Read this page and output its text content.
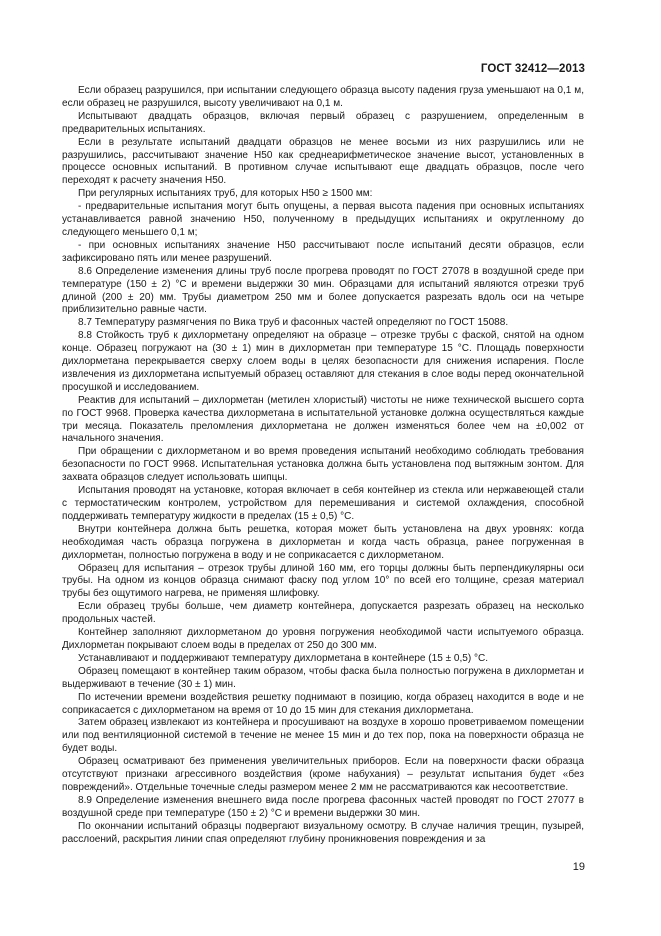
ГОСТ 32412—2013

Если образец разрушился, при испытании следующего образца высоту падения груза уменьшают на 0,1 м, если образец не разрушился, высоту увеличивают на 0,1 м.

Испытывают двадцать образцов, включая первый образец с разрушением, определенным в предварительных испытаниях.

Если в результате испытаний двадцати образцов не менее восьми из них разрушились или не разрушились, рассчитывают значение H50 как среднеарифметическое значение высот, установленных в процессе основных испытаний. В противном случае испытывают еще двадцать образцов, после чего переходят к расчету значения H50.

При регулярных испытаниях труб, для которых H50 ≥ 1500 мм:

- предварительные испытания могут быть опущены, а первая высота падения при основных испытаниях устанавливается равной значению H50, полученному в предыдущих испытаниях и округленному до следующего меньшего 0,1 м;

- при основных испытаниях значение H50 рассчитывают после испытаний десяти образцов, если зафиксировано пять или менее разрушений.

8.6 Определение изменения длины труб после прогрева проводят по ГОСТ 27078 в воздушной среде при температуре (150 ± 2) °С и времени выдержки 30 мин. Образцами для испытаний являются отрезки труб длиной (200 ± 20) мм. Трубы диаметром 250 мм и более допускается разрезать вдоль оси на четыре приблизительно равные части.

8.7 Температуру размягчения по Вика труб и фасонных частей определяют по ГОСТ 15088.

8.8 Стойкость труб к дихлорметану определяют на образце – отрезке трубы с фаской, снятой на одном конце. Образец погружают на (30 ± 1) мин в дихлорметан при температуре 15 °С. Площадь поверхности дихлорметана перекрывается сверху слоем воды в целях безопасности для снижения испарения. После извлечения из дихлорметана испытуемый образец оставляют для стекания в слое воды перед окончательной просушкой и исследованием.

Реактив для испытаний – дихлорметан (метилен хлористый) чистоты не ниже технической высшего сорта по ГОСТ 9968. Проверка качества дихлорметана в испытательной установке должна осуществляться каждые три месяца. Показатель преломления дихлорметана не должен изменяться более чем на ±0,002 от начального значения.

При обращении с дихлорметаном и во время проведения испытаний необходимо соблюдать требования безопасности по ГОСТ 9968. Испытательная установка должна быть установлена под вытяжным зонтом. Для захвата образцов следует использовать шипцы.

Испытания проводят на установке, которая включает в себя контейнер из стекла или нержавеющей стали с термостатическим контролем, устройством для перемешивания и системой охлаждения, способной поддерживать температуру жидкости в пределах (15 ± 0,5) °С.

Внутри контейнера должна быть решетка, которая может быть установлена на двух уровнях: когда необходимая часть образца погружена в дихлорметан и когда часть образца, ранее погруженная в дихлорметан, полностью погружена в воду и не соприкасается с дихлорметаном.

Образец для испытания – отрезок трубы длиной 160 мм, его торцы должны быть перпендикулярны оси трубы. На одном из концов образца снимают фаску под углом 10° по всей его толщине, срезая материал трубы без ощутимого нагрева, не применяя шлифовку.

Если образец трубы больше, чем диаметр контейнера, допускается разрезать образец на несколько продольных частей.

Контейнер заполняют дихлорметаном до уровня погружения необходимой части испытуемого образца. Дихлорметан покрывают слоем воды в пределах от 250 до 300 мм.

Устанавливают и поддерживают температуру дихлорметана в контейнере (15 ± 0,5) °С.

Образец помещают в контейнер таким образом, чтобы фаска была полностью погружена в дихлорметан и выдерживают в течение (30 ± 1) мин.

По истечении времени воздействия решетку поднимают в позицию, когда образец находится в воде и не соприкасается с дихлорметаном на время от 10 до 15 мин для стекания дихлорметана.

Затем образец извлекают из контейнера и просушивают на воздухе в хорошо проветриваемом помещении или под вентиляционной системой в течение не менее 15 мин и до тех пор, пока на поверхности образца не будет воды.

Образец осматривают без применения увеличительных приборов. Если на поверхности фаски образца отсутствуют признаки агрессивного воздействия (кроме набухания) – результат испытания будет «без повреждений». Отдельные точечные следы размером менее 2 мм не рассматриваются как несоответствие.

8.9 Определение изменения внешнего вида после прогрева фасонных частей проводят по ГОСТ 27077 в воздушной среде при температуре (150 ± 2) °С и времени выдержки 30 мин.

По окончании испытаний образцы подвергают визуальному осмотру. В случае наличия трещин, пузырей, расслоений, раскрытия линии спая определяют глубину проникновения повреждения и за

19
